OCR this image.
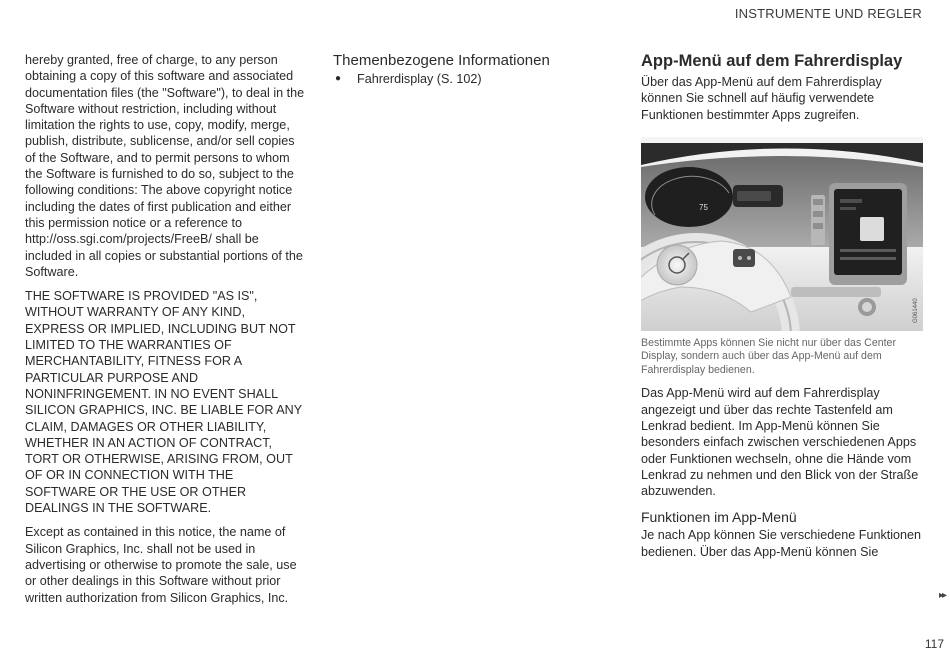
INSTRUMENTE UND REGLER

hereby granted, free of charge, to any person obtaining a copy of this software and associated documentation files (the "Software"), to deal in the Software without restriction, including without limitation the rights to use, copy, modify, merge, publish, distribute, sublicense, and/or sell copies of the Software, and to permit persons to whom the Software is furnished to do so, subject to the following conditions: The above copyright notice including the dates of first publication and either this permission notice or a reference to http://oss.sgi.com/projects/FreeB/ shall be included in all copies or substantial portions of the Software.

THE SOFTWARE IS PROVIDED "AS IS", WITHOUT WARRANTY OF ANY KIND, EXPRESS OR IMPLIED, INCLUDING BUT NOT LIMITED TO THE WARRANTIES OF MERCHANTABILITY, FITNESS FOR A PARTICULAR PURPOSE AND NONINFRINGEMENT. IN NO EVENT SHALL SILICON GRAPHICS, INC. BE LIABLE FOR ANY CLAIM, DAMAGES OR OTHER LIABILITY, WHETHER IN AN ACTION OF CONTRACT, TORT OR OTHERWISE, ARISING FROM, OUT OF OR IN CONNECTION WITH THE SOFTWARE OR THE USE OR OTHER DEALINGS IN THE SOFTWARE.

Except as contained in this notice, the name of Silicon Graphics, Inc. shall not be used in advertising or otherwise to promote the sale, use or other dealings in this Software without prior written authorization from Silicon Graphics, Inc.

Themenbezogene Informationen
● Fahrerdisplay (S. 102)
App-Menü auf dem Fahrerdisplay

Über das App-Menü auf dem Fahrerdisplay können Sie schnell auf häufig verwendete Funktionen bestimmter Apps zugreifen.

75
G061440

Bestimmte Apps können Sie nicht nur über das Center Display, sondern auch über das App-Menü auf dem Fahrerdisplay bedienen.

Das App-Menü wird auf dem Fahrerdisplay angezeigt und über das rechte Tastenfeld am Lenkrad bedient. Im App-Menü können Sie besonders einfach zwischen verschiedenen Apps oder Funktionen wechseln, ohne die Hände vom Lenkrad zu nehmen und den Blick von der Straße abzuwenden.

Funktionen im App-Menü

Je nach App können Sie verschiedene Funktionen bedienen. Über das App-Menü können Sie

▸▸
117
